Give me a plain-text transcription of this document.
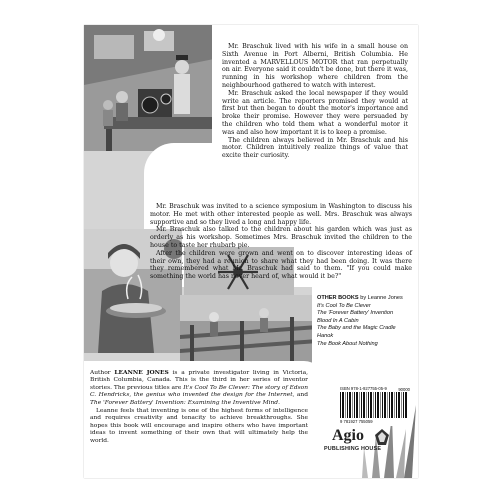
Mr. Braschuk lived with his wife in a small house on Sixth Avenue in Port Alberni, British Columbia. He invented a MARVELLOUS MOTOR that ran perpetually on air. Everyone said it couldn't be done, but there it was, running in his workshop where children from the neighbourhood gathered to watch with interest.

Mr. Braschuk asked the local newspaper if they would write an article. The reporters promised they would at first but then began to doubt the motor's importance and broke their promise. However they were persuaded by the children who told them what a wonderful motor it was and also how important it is to keep a promise.

The children always believed in Mr. Braschuk and his motor. Children intuitively realize things of value that excite their curiosity.

Mr. Braschuk was invited to a science symposium in Washington to discuss his motor. He met with other interested people as well. Mrs. Braschuk was always supportive and so they lived a long and happy life.

Mr. Braschuk also talked to the children about his garden which was just as orderly as his workshop. Sometimes Mrs. Braschuk invited the children to the house to taste her rhubarb pie.

After the children were grown and went on to discover interesting ideas of their own, they had a reunion to share what they had been doing. It was there they remembered what Mr. Braschuk had said to them. "If you could make something the world has never heard of, what would it be?"

OTHER BOOKS by Leanne Jones
It's Cool To Be Clever
The 'Forever Battery' Invention
Blood In A Cabin
The Baby and the Magic Cradle
Hanok
The Book About Nothing

Author LEANNE JONES is a private investigator living in Victoria, British Columbia, Canada. This is the third in her series of inventor stories. The previous titles are It's Cool To Be Clever: The story of Edson C. Hendricks, the genius who invented the design for the Internet, and The 'Forever Battery' Invention: Examining the Inventive Mind.

Leanne feels that inventing is one of the highest forms of intelligence and requires creativity and tenacity to achieve breakthroughs. She hopes this book will encourage and inspire others who have important ideas to invent something of their own that will ultimately help the world.

ISBN 978-1-927755-05-9	90000
9 781927 755059
Agio
PUBLISHING HOUSE
